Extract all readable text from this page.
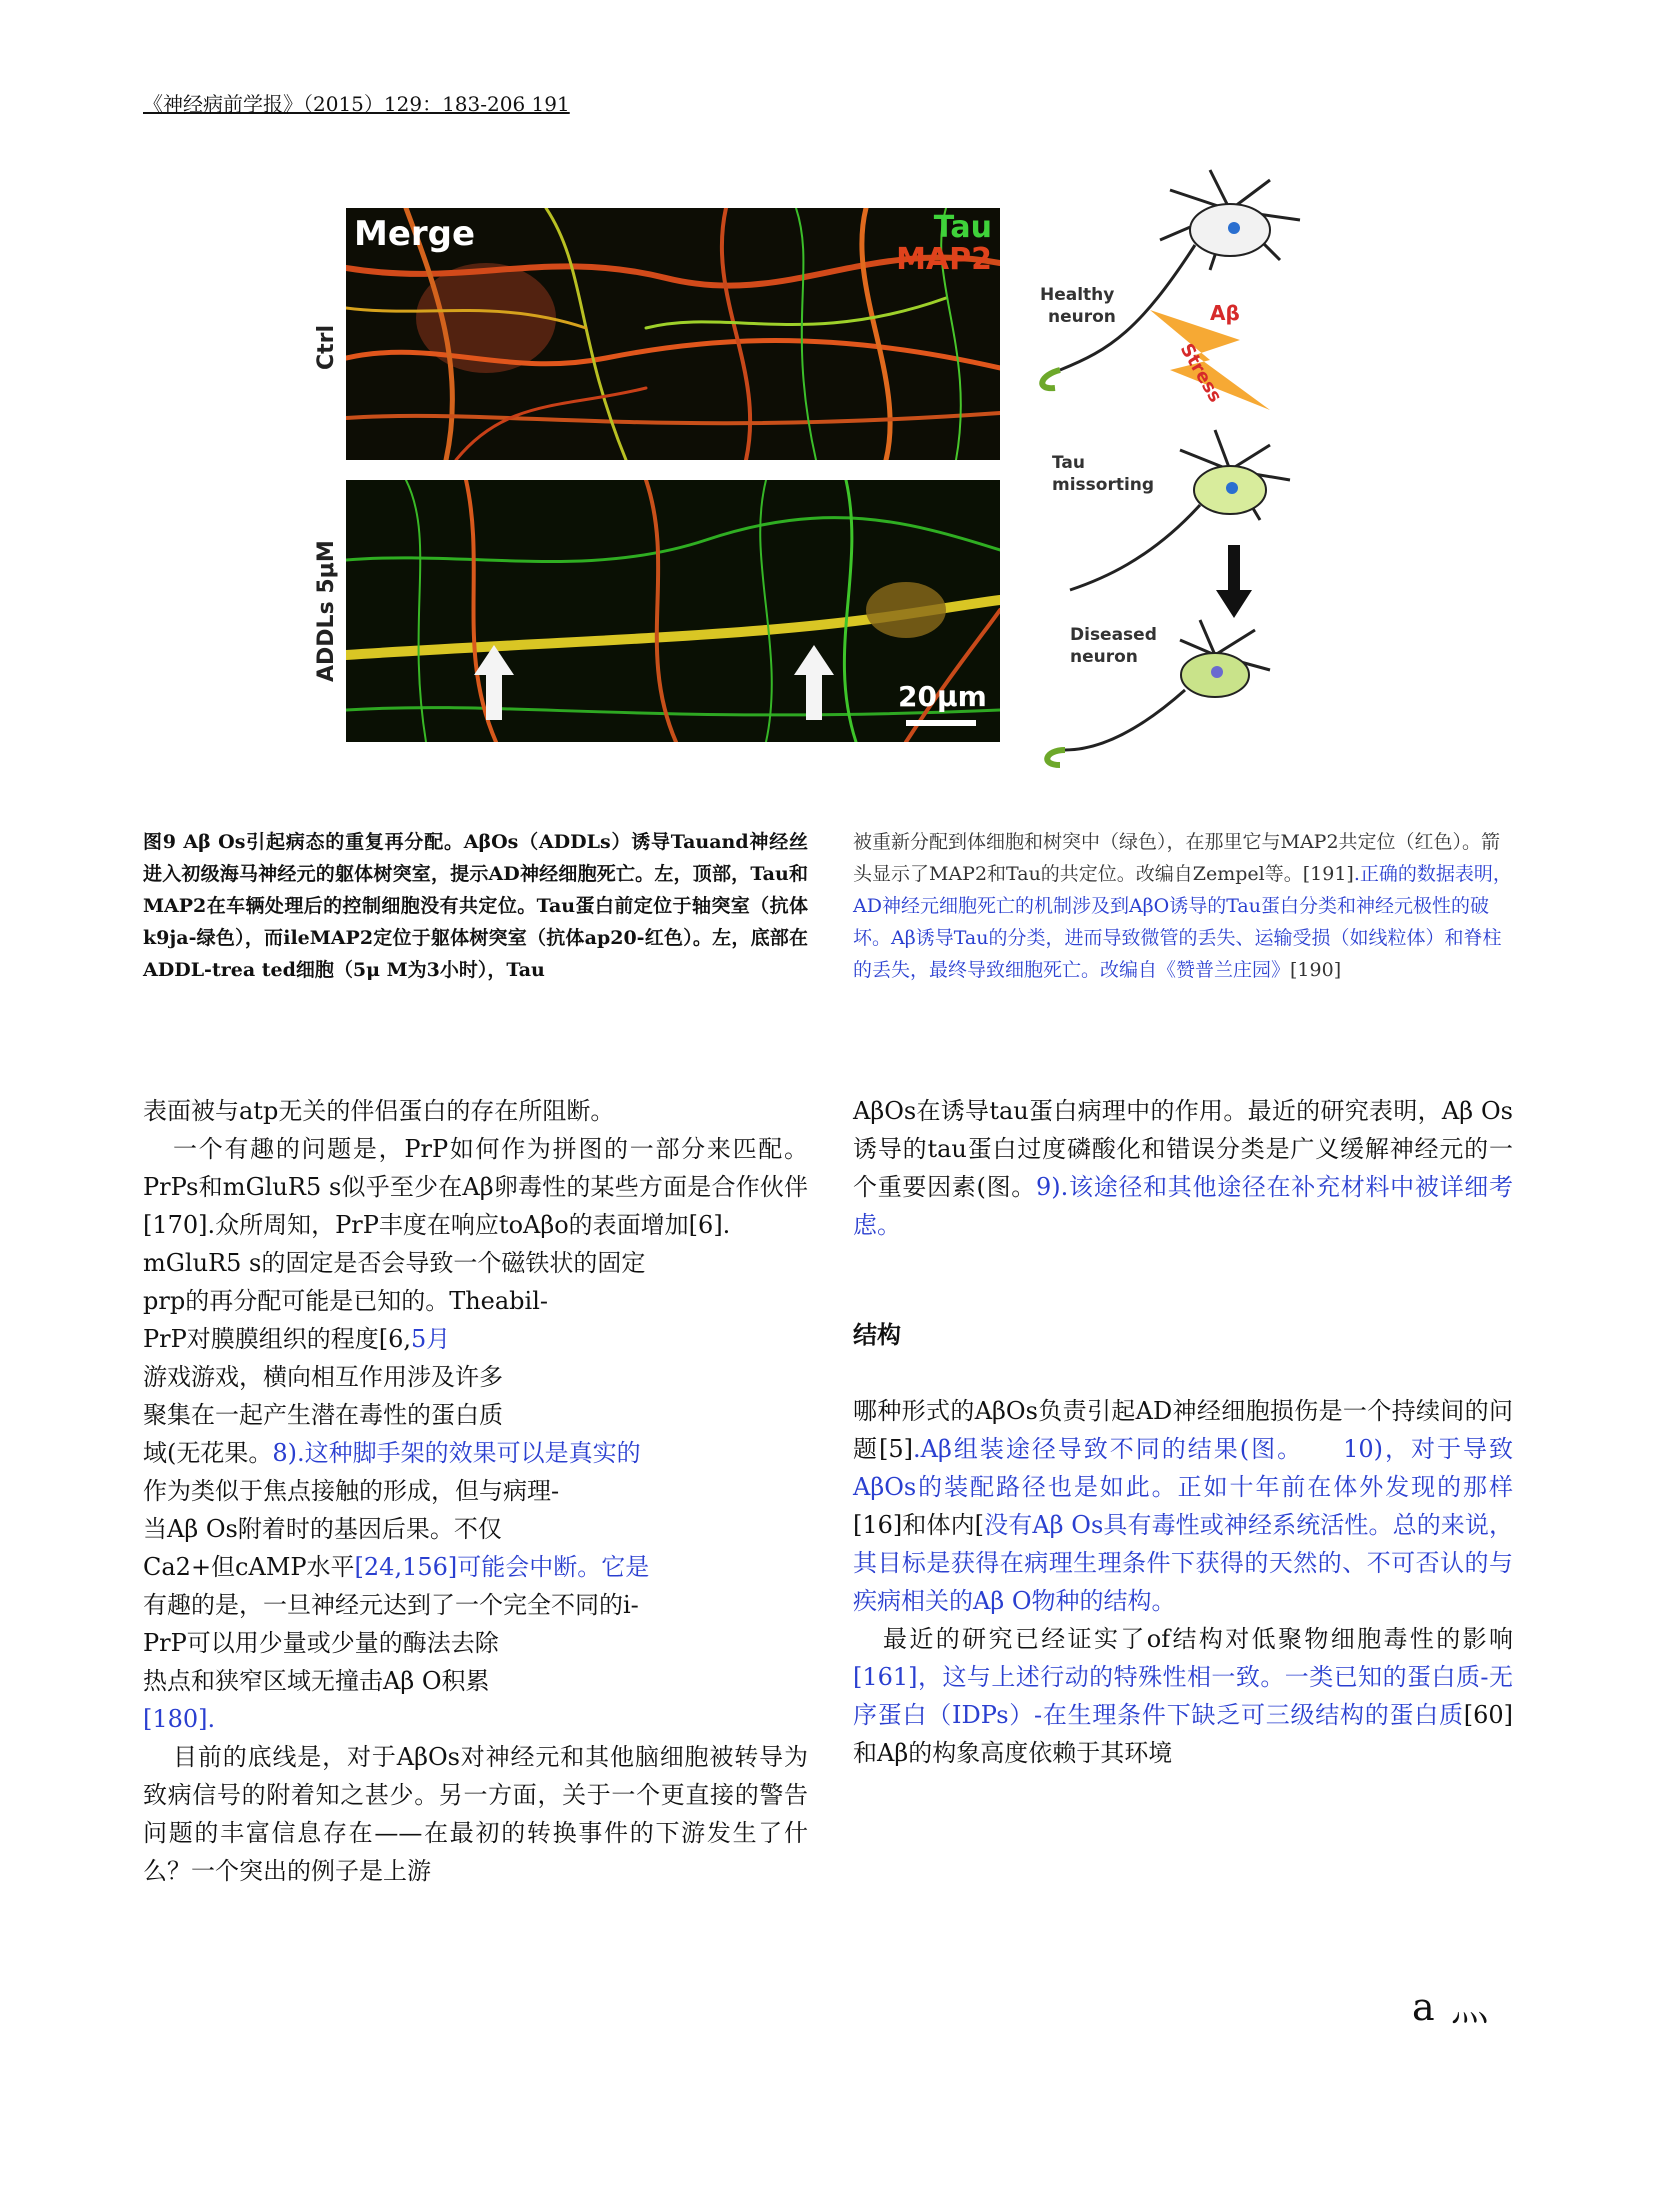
《神经病前学报》（2015）129：183-206 191
Merge	Tau
MAP2
20μm
Ctrl
ADDLs 5μM
Healthy
neuron	Aβ
Stress
Tau
missorting
Diseased
neuron
图9 Aβ Os引起病态的重复再分配。AβOs（ADDLs）诱导Tauand神经丝进入初级海马神经元的躯体树突室，提示AD神经细胞死亡。左，顶部，Tau和MAP2在车辆处理后的控制细胞没有共定位。Tau蛋白前定位于轴突室（抗体k9ja-绿色），而ileMAP2定位于躯体树突室（抗体ap20-红色）。左，底部在ADDL-trea ted细胞（5μ M为3小时），Tau
被重新分配到体细胞和树突中（绿色），在那里它与MAP2共定位（红色）。箭头显示了MAP2和Tau的共定位。改编自Zempel等。[191].正确的数据表明，AD神经元细胞死亡的机制涉及到AβO诱导的Tau蛋白分类和神经元极性的破坏。Aβ诱导Tau的分类，进而导致微管的丢失、运输受损（如线粒体）和脊柱的丢失，最终导致细胞死亡。改编自《赞普兰庄园》[190]

表面被与atp无关的伴侣蛋白的存在所阻断。

一个有趣的问题是，PrP如何作为拼图的一部分来匹配。PrPs和mGluR5 s似乎至少在Aβ卵毒性的某些方面是合作伙伴[170].众所周知，PrP丰度在响应toAβo的表面增加[6].

mGluR5 s的固定是否会导致一个磁铁状的固定

prp的再分配可能是已知的。Theabil-

PrP对膜膜组织的程度[6,5月

游戏游戏，横向相互作用涉及许多

聚集在一起产生潜在毒性的蛋白质

域(无花果。8).这种脚手架的效果可以是真实的

作为类似于焦点接触的形成，但与病理-

当Aβ Os附着时的基因后果。不仅

Ca2+但cAMP水平[24,156]可能会中断。它是

有趣的是，一旦神经元达到了一个完全不同的i-

PrP可以用少量或少量的酶法去除

热点和狭窄区域无撞击Aβ O积累

[180].

目前的底线是，对于AβOs对神经元和其他脑细胞被转导为致病信号的附着知之甚少。另一方面，关于一个更直接的警告问题的丰富信息存在——在最初的转换事件的下游发生了什么？一个突出的例子是上游

AβOs在诱导tau蛋白病理中的作用。最近的研究表明，Aβ Os诱导的tau蛋白过度磷酸化和错误分类是广义缓解神经元的一个重要因素(图。9).该途径和其他途径在补充材料中被详细考虑。

结构

哪种形式的AβOs负责引起AD神经细胞损伤是一个持续间的问题[5].Aβ组装途径导致不同的结果(图。　　10)，对于导致AβOs的装配路径也是如此。正如十年前在体外发现的那样[16]和体内[没有Aβ Os具有毒性或神经系统活性。总的来说，其目标是获得在病理生理条件下获得的天然的、不可否认的与疾病相关的Aβ O物种的结构。

最近的研究已经证实了of结构对低聚物细胞毒性的影响[161]，这与上述行动的特殊性相一致。一类已知的蛋白质-无序蛋白（IDPs）-在生理条件下缺乏可三级结构的蛋白质[60]和Aβ的构象高度依赖于其环境

a 灬
